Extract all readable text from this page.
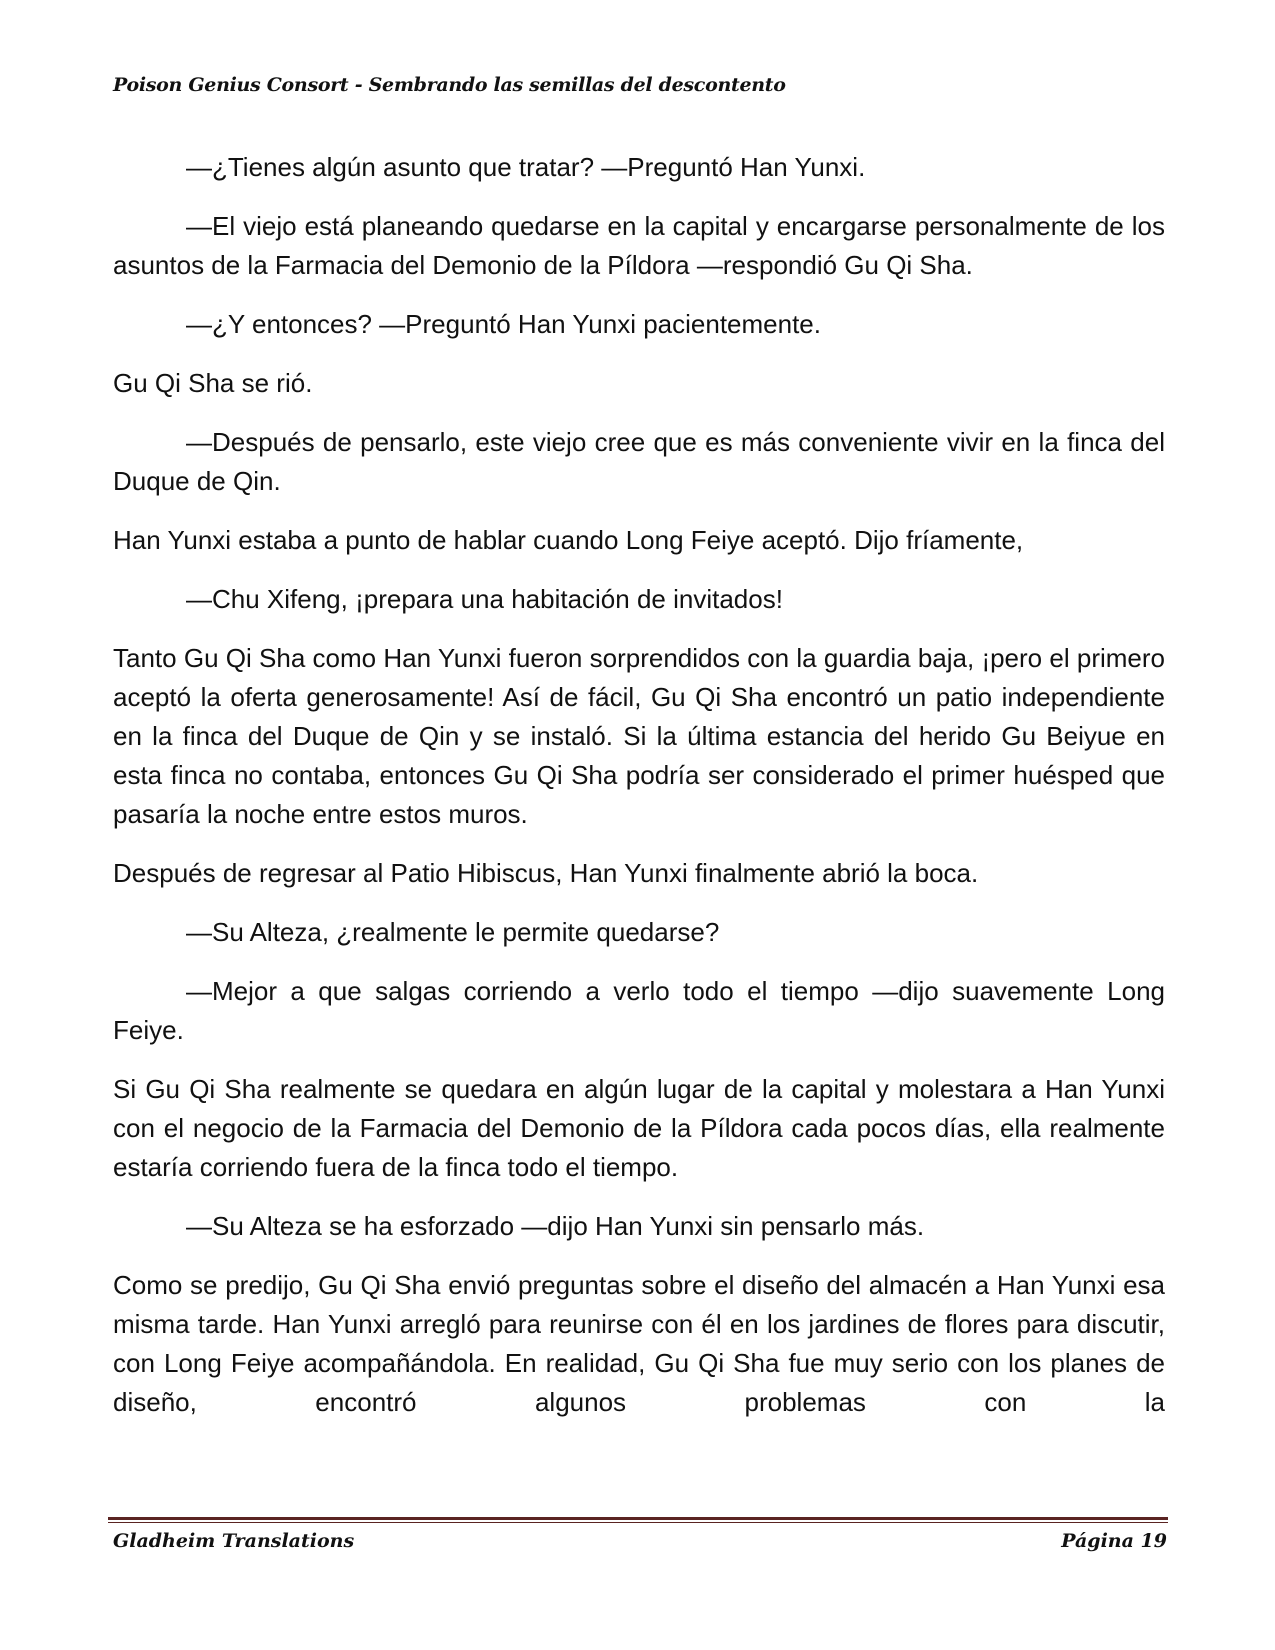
Poison Genius Consort - Sembrando las semillas del descontento

—¿Tienes algún asunto que tratar? —Preguntó Han Yunxi.

—El viejo está planeando quedarse en la capital y encargarse personalmente de los asuntos de la Farmacia del Demonio de la Píldora —respondió Gu Qi Sha.

—¿Y entonces? —Preguntó Han Yunxi pacientemente.

Gu Qi Sha se rió.

—Después de pensarlo, este viejo cree que es más conveniente vivir en la finca del Duque de Qin.

Han Yunxi estaba a punto de hablar cuando Long Feiye aceptó. Dijo fríamente,

—Chu Xifeng, ¡prepara una habitación de invitados!

Tanto Gu Qi Sha como Han Yunxi fueron sorprendidos con la guardia baja, ¡pero el primero aceptó la oferta generosamente! Así de fácil, Gu Qi Sha encontró un patio independiente en la finca del Duque de Qin y se instaló. Si la última estancia del herido Gu Beiyue en esta finca no contaba, entonces Gu Qi Sha podría ser considerado el primer huésped que pasaría la noche entre estos muros.

Después de regresar al Patio Hibiscus, Han Yunxi finalmente abrió la boca.

—Su Alteza, ¿realmente le permite quedarse?

—Mejor a que salgas corriendo a verlo todo el tiempo —dijo suavemente Long Feiye.

Si Gu Qi Sha realmente se quedara en algún lugar de la capital y molestara a Han Yunxi con el negocio de la Farmacia del Demonio de la Píldora cada pocos días, ella realmente estaría corriendo fuera de la finca todo el tiempo.

—Su Alteza se ha esforzado —dijo Han Yunxi sin pensarlo más.

Como se predijo, Gu Qi Sha envió preguntas sobre el diseño del almacén a Han Yunxi esa misma tarde. Han Yunxi arregló para reunirse con él en los jardines de flores para discutir, con Long Feiye acompañándola. En realidad, Gu Qi Sha fue muy serio con los planes de diseño, encontró algunos problemas con la

Gladheim Translations	Página 19
